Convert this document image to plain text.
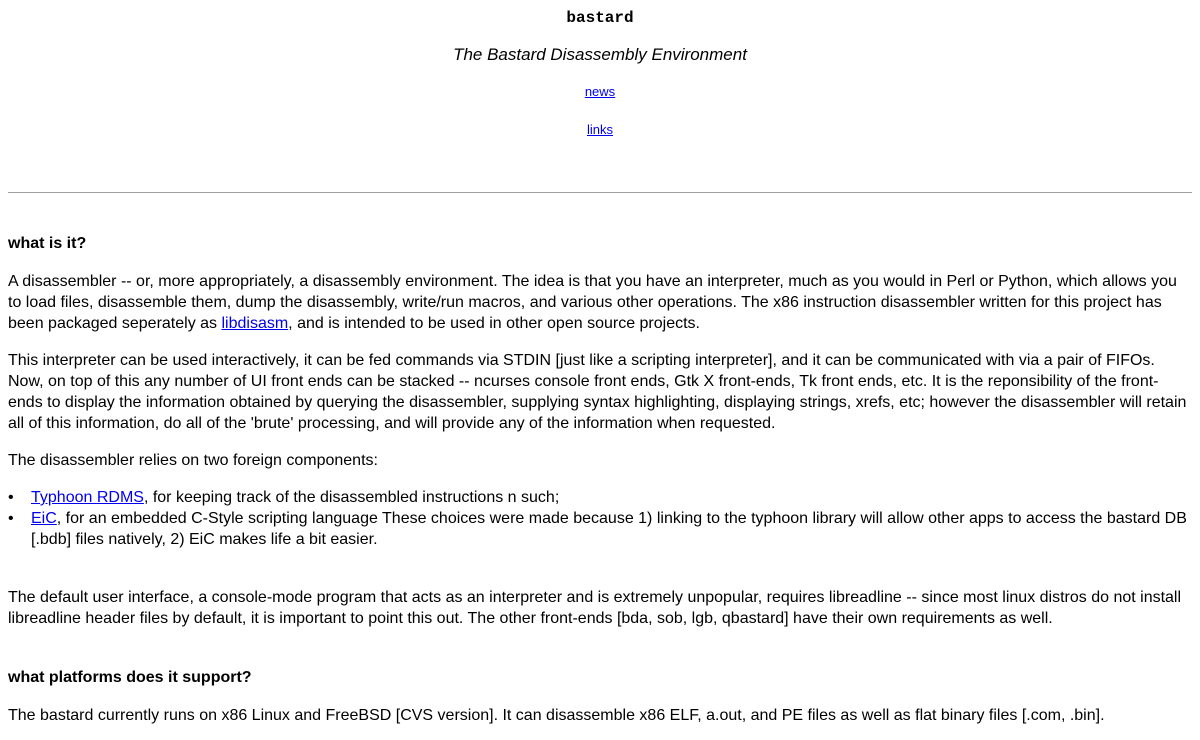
bastard
The Bastard Disassembly Environment
news
links
what is it?

A disassembler -- or, more appropriately, a disassembly environment. The idea is that you have an interpreter, much as you would in Perl or Python, which allows you to load files, disassemble them, dump the disassembly, write/run macros, and various other operations. The x86 instruction disassembler written for this project has been packaged seperately as libdisasm, and is intended to be used in other open source projects.

This interpreter can be used interactively, it can be fed commands via STDIN [just like a scripting interpreter], and it can be communicated with via a pair of FIFOs. Now, on top of this any number of UI front ends can be stacked -- ncurses console front ends, Gtk X front-ends, Tk front ends, etc. It is the reponsibility of the front-ends to display the information obtained by querying the disassembler, supplying syntax highlighting, displaying strings, xrefs, etc; however the disassembler will retain all of this information, do all of the 'brute' processing, and will provide any of the information when requested.

The disassembler relies on two foreign components:

• Typhoon RDMS, for keeping track of the disassembled instructions n such;
• EiC, for an embedded C-Style scripting language These choices were made because 1) linking to the typhoon library will allow other apps to access the bastard DB [.bdb] files natively, 2) EiC makes life a bit easier.

The default user interface, a console-mode program that acts as an interpreter and is extremely unpopular, requires libreadline -- since most linux distros do not install libreadline header files by default, it is important to point this out. The other front-ends [bda, sob, lgb, qbastard] have their own requirements as well.

what platforms does it support?

The bastard currently runs on x86 Linux and FreeBSD [CVS version]. It can disassemble x86 ELF, a.out, and PE files as well as flat binary files [.com, .bin].
